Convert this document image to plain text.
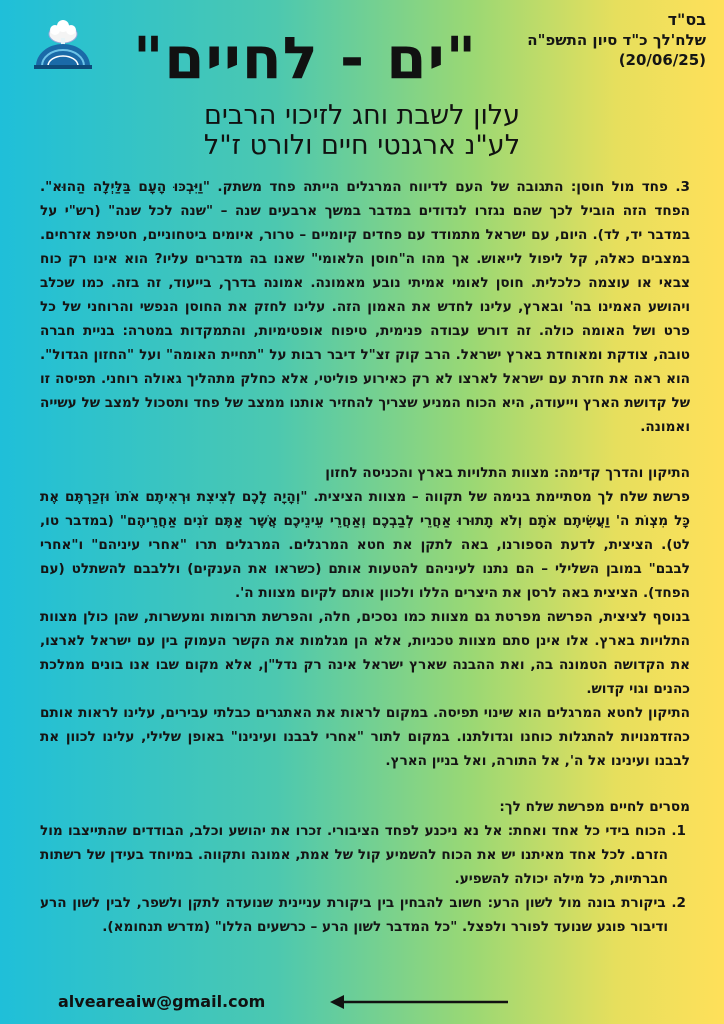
בס"ד
שלח'לך כ"ד סיון התשפ"ה
(20/06/25)
"ים - לחיים"
עלון לשבת וחג לזיכוי הרבים
לע"נ ארגנטי חיים ולורט ז"ל

3. פחד מול חוסן: התגובה של העם לדיווח המרגלים הייתה פחד משתק. "וַיִּבְכּוּ הָעָם בַּלַּיְלָה הַהוּא". הפחד הזה הוביל לכך שהם נגזרו לנדודים במדבר במשך ארבעים שנה – "שנה לכל שנה" (רש"י על במדבר יד, לד). היום, עם ישראל מתמודד עם פחדים קיומיים – טרור, איומים ביטחוניים, חטיפת אזרחים. במצבים כאלה, קל ליפול לייאוש. אך מהו ה"חוסן הלאומי" שאנו בה מדברים עליו? הוא אינו רק כוח צבאי או עוצמה כלכלית. חוסן לאומי אמיתי נובע מאמונה. אמונה בדרך, בייעוד, זה בזה. כמו שכלב ויהושע האמינו בה' ובארץ, עלינו לחדש את האמון הזה. עלינו לחזק את החוסן הנפשי והרוחני של כל פרט ושל האומה כולה. זה דורש עבודה פנימית, טיפוח אופטימיות, והתמקדות במטרה: בניית חברה טובה, צודקת ומאוחדת בארץ ישראל. הרב קוק זצ"ל דיבר רבות על "תחיית האומה" ועל "החזון הגדול". הוא ראה את חזרת עם ישראל לארצו לא רק כאירוע פוליטי, אלא כחלק מתהליך גאולה רוחני. תפיסה זו של קדושת הארץ וייעודה, היא הכוח המניע שצריך להחזיר אותנו ממצב של פחד ותסכול למצב של עשייה ואמונה.

התיקון והדרך קדימה: מצוות התלויות בארץ והכניסה לחזון

פרשת שלח לך מסתיימת בנימה של תקווה – מצוות הציצית. "וְהָיָה לָכֶם לְצִיצִת וּרְאִיתֶם אֹתוֹ וּזְכַרְתֶּם אֶת כָּל מִצְוֹת ה' וַעֲשִׂיתֶם אֹתָם וְלֹא תָתוּרוּ אַחֲרֵי לְבַבְכֶם וְאַחֲרֵי עֵינֵיכֶם אֲשֶׁר אַתֶּם זֹנִים אַחֲרֵיהֶם" (במדבר טו, לט). הציצית, לדעת הספורנו, באה לתקן את חטא המרגלים. המרגלים תרו "אחרי עיניהם" ו"אחרי לבבם" במובן השלילי – הם נתנו לעיניהם להטעות אותם (כשראו את הענקים) וללבבם להשתלט (עם הפחד). הציצית באה לרסן את היצרים הללו ולכוון אותם לקיום מצוות ה'.

בנוסף לציצית, הפרשה מפרטת גם מצוות כמו נסכים, חלה, והפרשת תרומות ומעשרות, שהן כולן מצוות התלויות בארץ. אלו אינן סתם מצוות טכניות, אלא הן מגלמות את הקשר העמוק בין עם ישראל לארצו, את הקדושה הטמונה בה, ואת ההבנה שארץ ישראל אינה רק נדל"ן, אלא מקום שבו אנו בונים ממלכת כהנים וגוי קדוש.

התיקון לחטא המרגלים הוא שינוי תפיסה. במקום לראות את האתגרים כבלתי עבירים, עלינו לראות אותם כהזדמנויות להתגלות כוחנו וגדולתנו. במקום לתור "אחרי לבבנו ועינינו" באופן שלילי, עלינו לכוון את לבבנו ועינינו אל ה', אל התורה, ואל בניין הארץ.

מסרים לחיים מפרשת שלח לך:

1. הכוח בידי כל אחד ואחת: אל נא ניכנע לפחד הציבורי. זכרו את יהושע וכלב, הבודדים שהתייצבו מול הזרם. לכל אחד מאיתנו יש את הכוח להשמיע קול של אמת, אמונה ותקווה. במיוחד בעידן של רשתות חברתיות, כל מילה יכולה להשפיע.

2. ביקורת בונה מול לשון הרע: חשוב להבחין בין ביקורת עניינית שנועדה לתקן ולשפר, לבין לשון הרע ודיבור פוגע שנועד לפורר ולפצל. "כל המדבר לשון הרע – כרשעים הללו" (מדרש תנחומא).

alveareaiw@gmail.com
